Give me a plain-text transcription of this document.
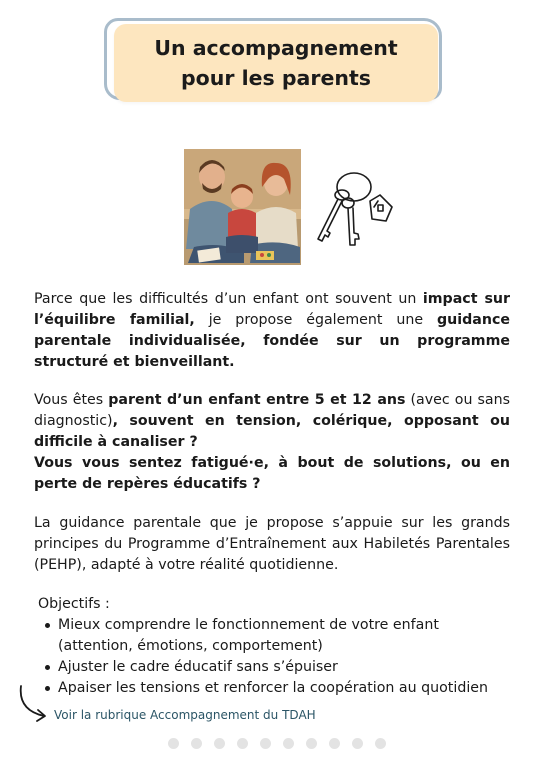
Un accompagnement
pour les parents

Parce que les difficultés d’un enfant ont souvent un impact sur l’équilibre familial, je propose également une guidance parentale individualisée, fondée sur un programme structuré et bienveillant.

Vous êtes parent d’un enfant entre 5 et 12 ans (avec ou sans diagnostic), souvent en tension, colérique, opposant ou difficile à canaliser ?

Vous vous sentez fatigué·e, à bout de solutions, ou en perte de repères éducatifs ?

La guidance parentale que je propose s’appuie sur les grands principes du Programme d’Entraînement aux Habiletés Parentales (PEHP), adapté à votre réalité quotidienne.

Objectifs :
Mieux comprendre le fonctionnement de votre enfant (attention, émotions, comportement)
Ajuster le cadre éducatif sans s’épuiser
Apaiser les tensions et renforcer la coopération au quotidien
Voir la rubrique Accompagnement du TDAH
